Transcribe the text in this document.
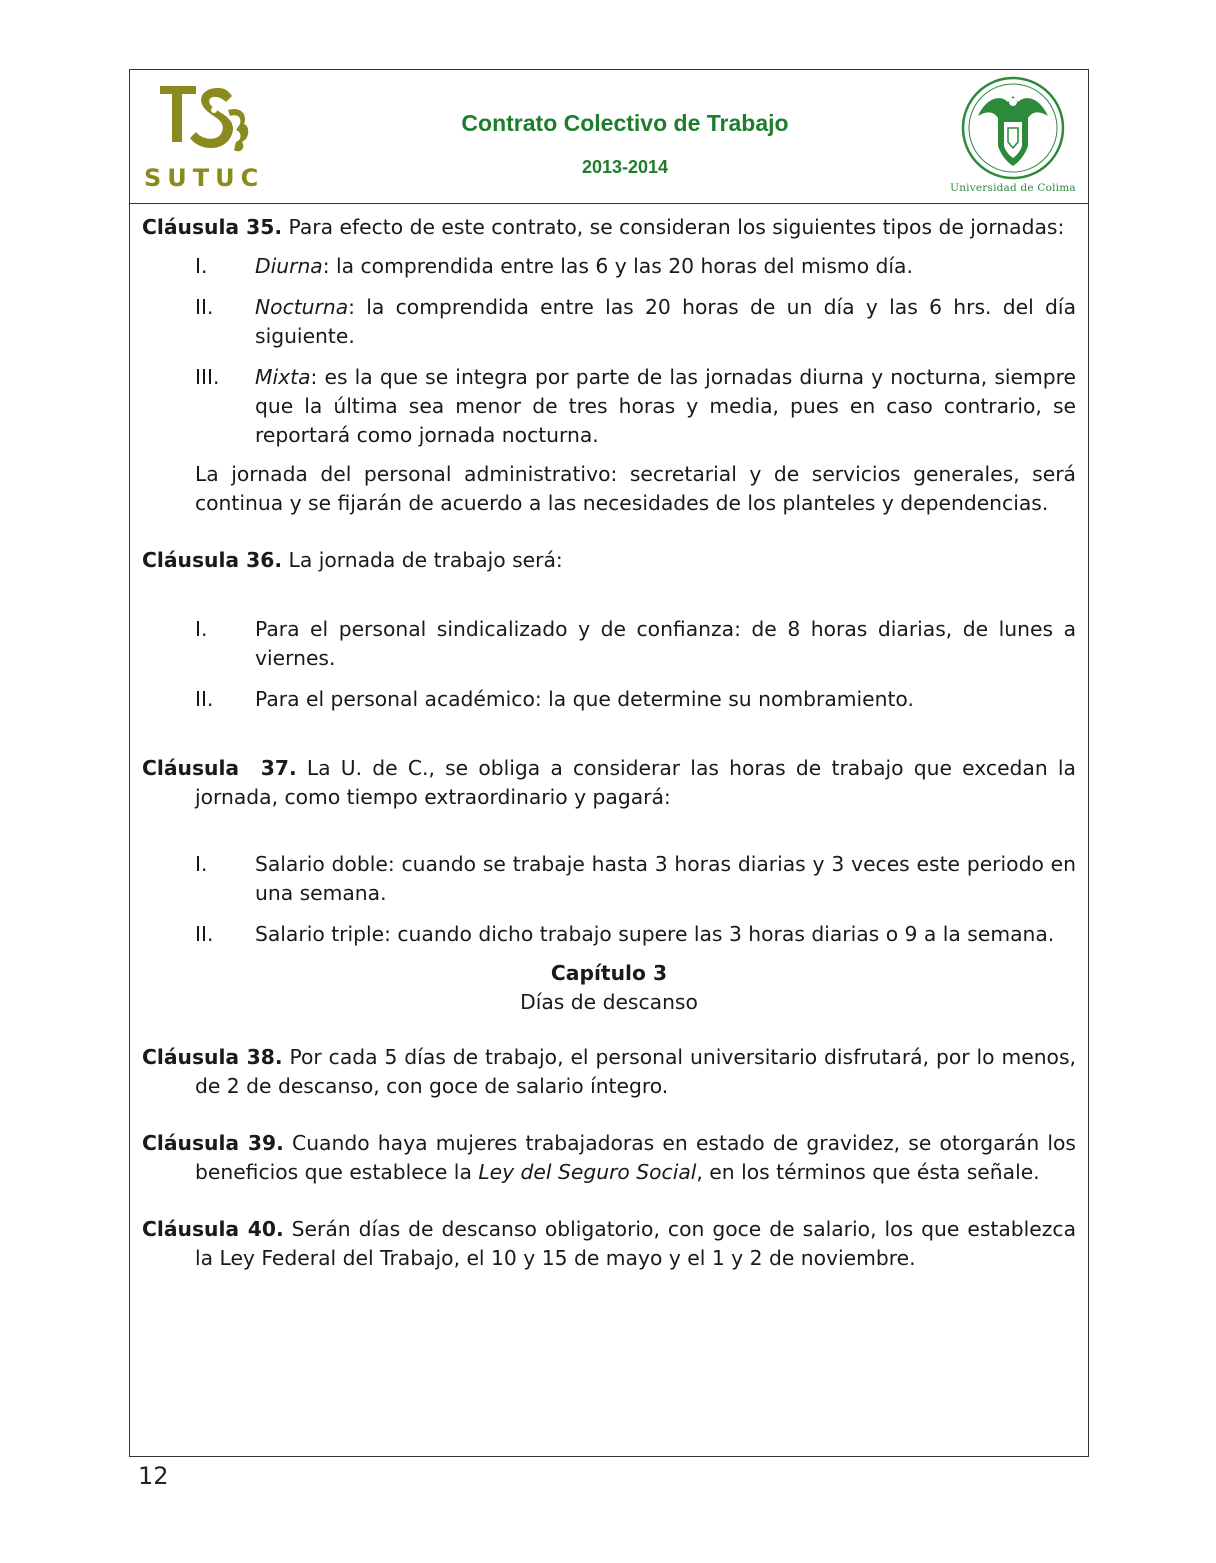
SUTUC
Contrato Colectivo de Trabajo
2013-2014
Universidad de Colima

Cláusula 35. Para efecto de este contrato, se consideran los siguientes tipos de jornadas:

I. Diurna: la comprendida entre las 6 y las 20 horas del mismo día.

II. Nocturna: la comprendida entre las 20 horas de un día y las 6 hrs. del día siguiente.

III. Mixta: es la que se integra por parte de las jornadas diurna y nocturna, siempre que la última sea menor de tres horas y media, pues en caso contrario, se reportará como jornada nocturna.

La jornada del personal administrativo: secretarial y de servicios generales, será continua y se fijarán de acuerdo a las necesidades de los planteles y dependencias.

Cláusula 36. La jornada de trabajo será:

I. Para el personal sindicalizado y de confianza: de 8 horas diarias, de lunes a viernes.

II. Para el personal académico: la que determine su nombramiento.

Cláusula  37. La U. de C., se obliga a considerar las horas de trabajo que excedan la jornada, como tiempo extraordinario y pagará:

I. Salario doble: cuando se trabaje hasta 3 horas diarias y 3 veces este periodo en una semana.

II. Salario triple: cuando dicho trabajo supere las 3 horas diarias o 9 a la semana.

Capítulo 3

Días de descanso

Cláusula 38. Por cada 5 días de trabajo, el personal universitario disfrutará, por lo menos, de 2 de descanso, con goce de salario íntegro.

Cláusula 39. Cuando haya mujeres trabajadoras en estado de gravidez, se otorgarán los beneficios que establece la Ley del Seguro Social, en los términos que ésta señale.

Cláusula 40. Serán días de descanso obligatorio, con goce de salario, los que establezca la Ley Federal del Trabajo, el 10 y 15 de mayo y el 1 y 2 de noviembre.

12
